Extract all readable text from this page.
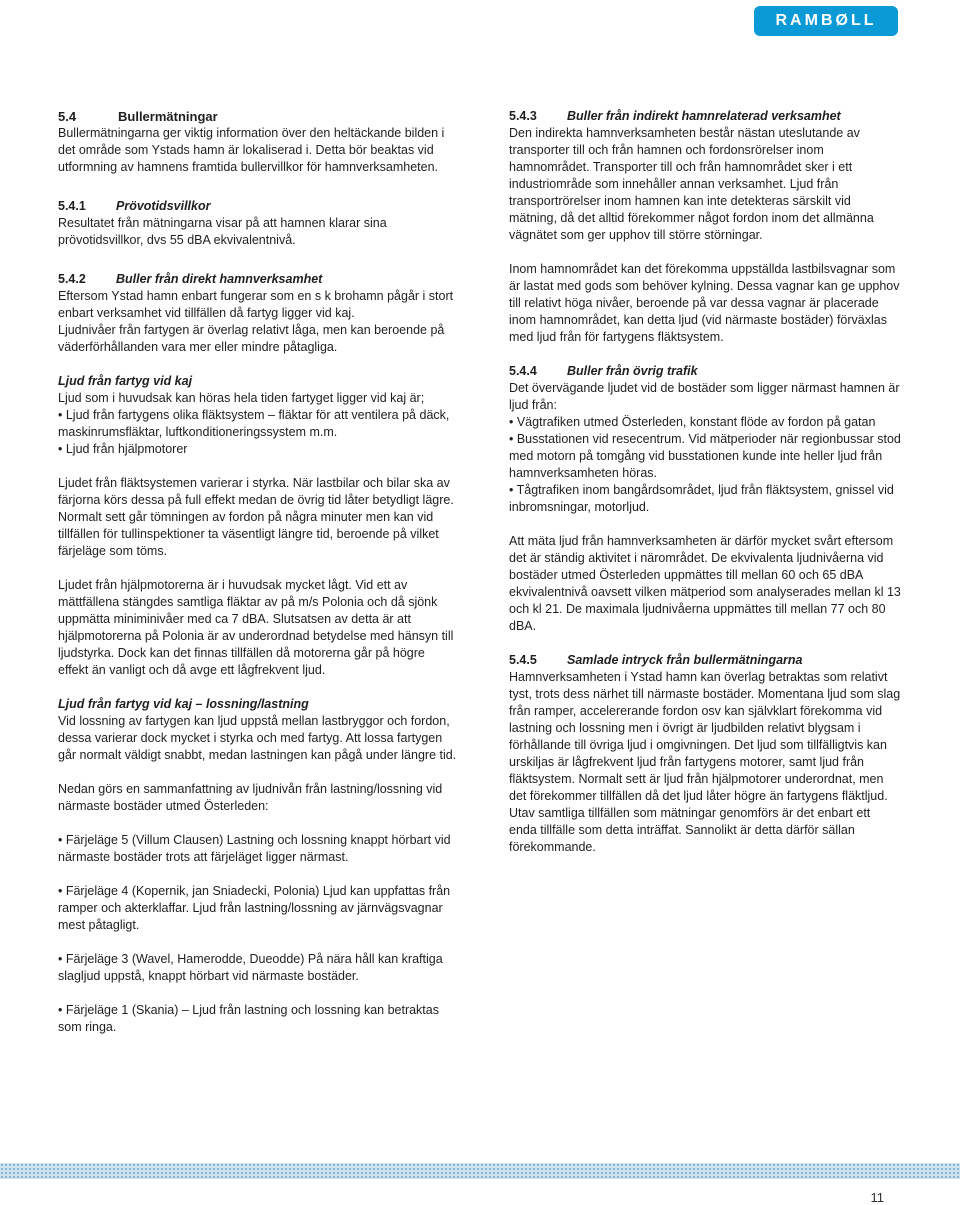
RAMBØLL

5.4	Bullermätningar

Bullermätningarna ger viktig information över den heltäckande bilden i det område som Ystads hamn är lokaliserad i. Detta bör beaktas vid utformning av hamnens framtida bullervillkor för hamnverksamheten.

5.4.1 Prövotidsvillkor

Resultatet från mätningarna visar på att hamnen klarar sina prövotidsvillkor, dvs 55 dBA ekvivalentnivå.

5.4.2 Buller från direkt hamnverksamhet

Eftersom Ystad hamn enbart fungerar som en s k brohamn pågår i stort enbart verksamhet vid tillfällen då fartyg ligger vid kaj.

Ljudnivåer från fartygen är överlag relativt låga, men kan beroende på väderförhållanden vara mer eller mindre påtagliga.

Ljud från fartyg vid kaj

Ljud som i huvudsak kan höras hela tiden fartyget ligger vid kaj är;

• Ljud från fartygens olika fläktsystem – fläktar för att ventilera på däck, maskinrumsfläktar, luftkonditioneringssystem m.m.

• Ljud från hjälpmotorer

Ljudet från fläktsystemen varierar i styrka. När lastbilar och bilar ska av färjorna körs dessa på full effekt medan de övrig tid låter betydligt lägre. Normalt sett går tömningen av fordon på några minuter men kan vid tillfällen för tullinspektioner ta väsentligt längre tid, beroende på vilket färjeläge som töms.

Ljudet från hjälpmotorerna är i huvudsak mycket lågt. Vid ett av mättfällena stängdes samtliga fläktar av på m/s Polonia och då sjönk uppmätta miniminivåer med ca 7 dBA. Slutsatsen av detta är att hjälpmotorerna på Polonia är av underordnad betydelse med hänsyn till ljudstyrka. Dock kan det finnas tillfällen då motorerna går på högre effekt än vanligt och då avge ett lågfrekvent ljud.

Ljud från fartyg vid kaj – lossning/lastning

Vid lossning av fartygen kan ljud uppstå mellan lastbryggor och fordon, dessa varierar dock mycket i styrka och med fartyg. Att lossa fartygen går normalt väldigt snabbt, medan lastningen kan pågå under längre tid.

Nedan görs en sammanfattning av ljudnivån från lastning/lossning vid närmaste bostäder utmed Österleden:

• Färjeläge 5 (Villum Clausen) Lastning och lossning knappt hörbart vid närmaste bostäder trots att färjeläget ligger närmast.

• Färjeläge 4 (Kopernik, jan Sniadecki, Polonia) Ljud kan uppfattas från ramper och akterklaffar. Ljud från lastning/lossning av järnvägsvagnar mest påtagligt.

• Färjeläge 3 (Wavel, Hamerodde, Dueodde) På nära håll kan kraftiga slagljud uppstå, knappt hörbart vid närmaste bostäder.

• Färjeläge 1 (Skania) – Ljud från lastning och lossning kan betraktas som ringa.

5.4.3 Buller från indirekt hamnrelaterad verksamhet

Den indirekta hamnverksamheten består nästan uteslutande av transporter till och från hamnen och fordonsrörelser inom hamnområdet. Transporter till och från hamnområdet sker i ett industriområde som innehåller annan verksamhet. Ljud från transportrörelser inom hamnen kan inte detekteras särskilt vid mätning, då det alltid förekommer något fordon inom det allmänna vägnätet som ger upphov till större störningar.

Inom hamnområdet kan det förekomma uppställda lastbilsvagnar som är lastat med gods som behöver kylning. Dessa vagnar kan ge upphov till relativt höga nivåer, beroende på var dessa vagnar är placerade inom hamnområdet, kan detta ljud (vid närmaste bostäder) förväxlas med ljud från för fartygens fläktsystem.

5.4.4 Buller från övrig trafik

Det övervägande ljudet vid de bostäder som ligger närmast hamnen är ljud från:

• Vägtrafiken utmed Österleden, konstant flöde av fordon på gatan

• Busstationen vid resecentrum. Vid mätperioder när regionbussar stod med motorn på tomgång vid busstationen kunde inte heller ljud från hamnverksamheten höras.

• Tågtrafiken inom bangårdsområdet, ljud från fläktsystem, gnissel vid inbromsningar, motorljud.

Att mäta ljud från hamnverksamheten är därför mycket svårt eftersom det är ständig aktivitet i närområdet. De ekvivalenta ljudnivåerna vid bostäder utmed Österleden uppmättes till mellan 60 och 65 dBA ekvivalentnivå oavsett vilken mätperiod som analyserades mellan kl 13 och kl 21. De maximala ljudnivåerna uppmättes till mellan 77 och 80 dBA.

5.4.5 Samlade intryck från bullermätningarna

Hamnverksamheten i Ystad hamn kan överlag betraktas som relativt tyst, trots dess närhet till närmaste bostäder. Momentana ljud som slag från ramper, accelererande fordon osv kan självklart förekomma vid lastning och lossning men i övrigt är ljudbilden relativt blygsam i förhållande till övriga ljud i omgivningen. Det ljud som tillfälligtvis kan urskiljas är lågfrekvent ljud från fartygens motorer, samt ljud från fläktsystem. Normalt sett är ljud från hjälpmotorer underordnat, men det förekommer tillfällen då det ljud låter högre än fartygens fläktljud. Utav samtliga tillfällen som mätningar genomförs är det enbart ett enda tillfälle som detta inträffat. Sannolikt är detta därför sällan förekommande.

11
